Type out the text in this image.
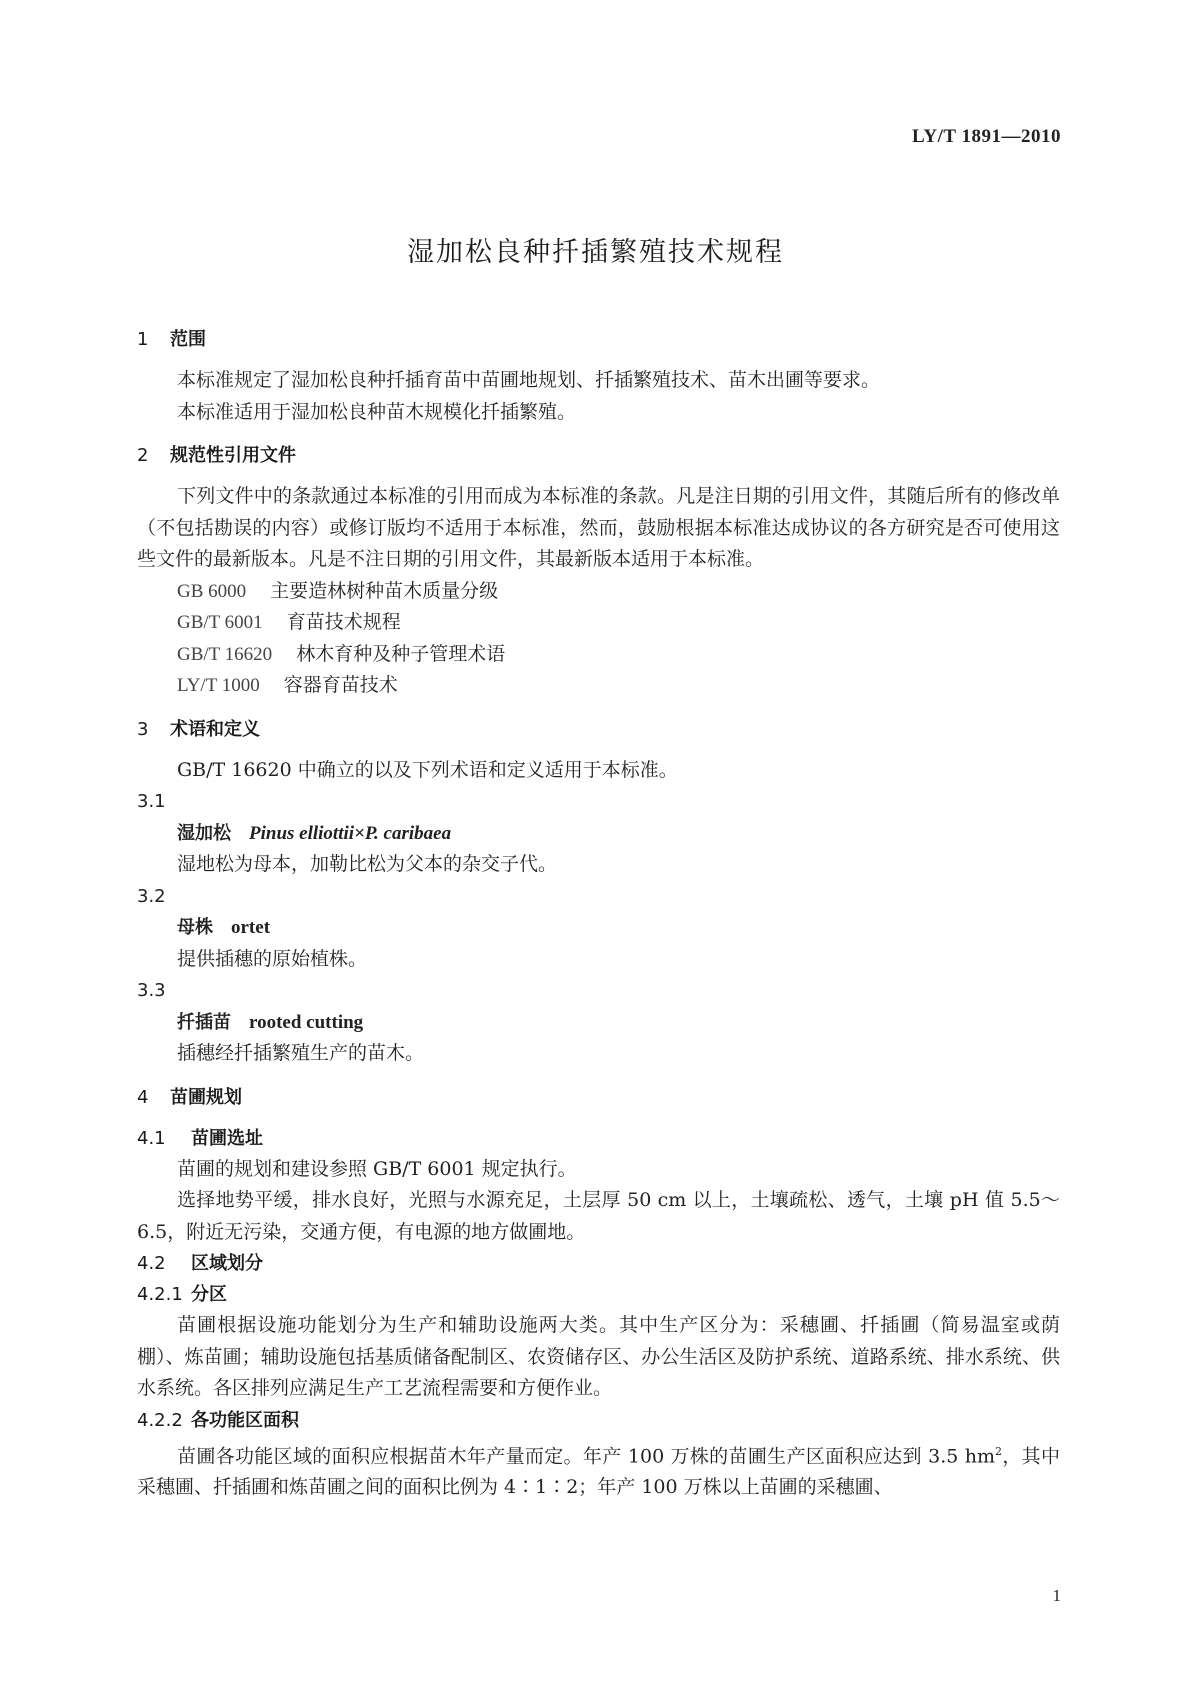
LY/T 1891—2010
湿加松良种扦插繁殖技术规程
1 范围

本标准规定了湿加松良种扦插育苗中苗圃地规划、扦插繁殖技术、苗木出圃等要求。

本标准适用于湿加松良种苗木规模化扦插繁殖。

2 规范性引用文件

下列文件中的条款通过本标准的引用而成为本标准的条款。凡是注日期的引用文件，其随后所有的修改单（不包括勘误的内容）或修订版均不适用于本标准，然而，鼓励根据本标准达成协议的各方研究是否可使用这些文件的最新版本。凡是不注日期的引用文件，其最新版本适用于本标准。

GB 6000 主要造林树种苗木质量分级

GB/T 6001 育苗技术规程

GB/T 16620 林木育种及种子管理术语

LY/T 1000 容器育苗技术

3 术语和定义

GB/T 16620 中确立的以及下列术语和定义适用于本标准。

3.1

湿加松 Pinus elliottii×P. caribaea

湿地松为母本，加勒比松为父本的杂交子代。

3.2

母株 ortet

提供插穗的原始植株。

3.3

扦插苗 rooted cutting

插穗经扦插繁殖生产的苗木。

4 苗圃规划
4.1 苗圃选址

苗圃的规划和建设参照 GB/T 6001 规定执行。

选择地势平缓，排水良好，光照与水源充足，土层厚 50 cm 以上，土壤疏松、透气，土壤 pH 值 5.5～6.5，附近无污染，交通方便，有电源的地方做圃地。

4.2 区域划分
4.2.1 分区

苗圃根据设施功能划分为生产和辅助设施两大类。其中生产区分为：采穗圃、扦插圃（简易温室或荫棚）、炼苗圃；辅助设施包括基质储备配制区、农资储存区、办公生活区及防护系统、道路系统、排水系统、供水系统。各区排列应满足生产工艺流程需要和方便作业。

4.2.2 各功能区面积

苗圃各功能区域的面积应根据苗木年产量而定。年产 100 万株的苗圃生产区面积应达到 3.5 $hm^2$，其中采穗圃、扦插圃和炼苗圃之间的面积比例为 4∶1∶2；年产 100 万株以上苗圃的采穗圃、

1
